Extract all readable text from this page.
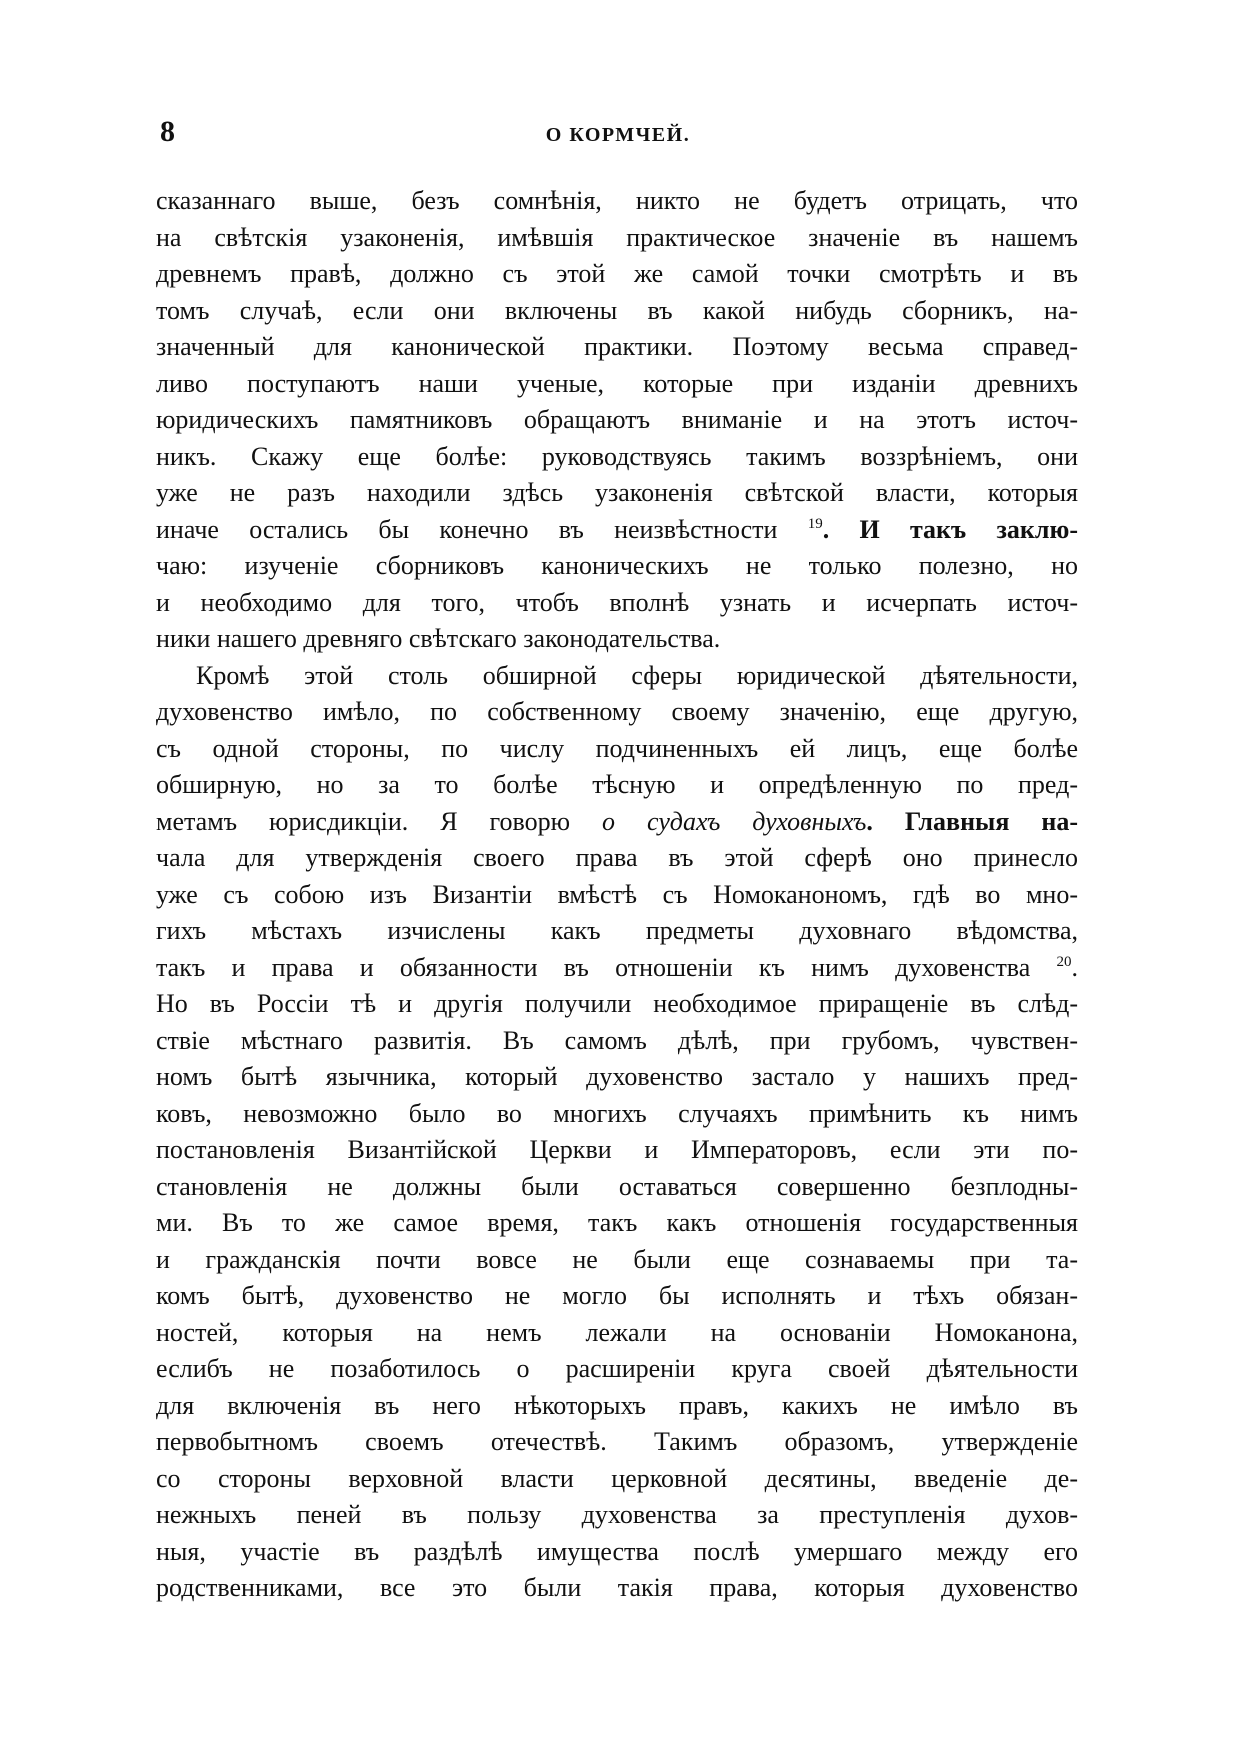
8	О КОРМЧЕЙ.
сказаннаго выше, безъ сомнѣнія, никто не будетъ отрицать, что
на свѣтскія узаконенія, имѣвшія практическое значеніе въ нашемъ
древнемъ правѣ, должно съ этой же самой точки смотрѣть и въ
томъ случаѣ, если они включены въ какой нибудь сборникъ, на-
значенный для канонической практики. Поэтому весьма справед-
ливо поступаютъ наши ученые, которые при изданіи древнихъ
юридическихъ памятниковъ обращаютъ вниманіе и на этотъ источ-
никъ. Скажу еще болѣе: руководствуясь такимъ воззрѣніемъ, они
уже не разъ находили здѣсь узаконенія свѣтской власти, которыя
иначе остались бы конечно въ неизвѣстности $^{19}$. И такъ заклю-
чаю: изученіе сборниковъ каноническихъ не только полезно, но
и необходимо для того, чтобъ вполнѣ узнать и исчерпать источ-
ники нашего древняго свѣтскаго законодательства.
Кромѣ этой столь обширной сферы юридической дѣятельности,
духовенство имѣло, по собственному своему значенію, еще другую,
съ одной стороны, по числу подчиненныхъ ей лицъ, еще болѣе
обширную, но за то болѣе тѣсную и опредѣленную по пред-
метамъ юрисдикціи. Я говорю о судахъ духовныхъ. Главныя на-
чала для утвержденія своего права въ этой сферѣ оно принесло
уже съ собою изъ Византіи вмѣстѣ съ Номоканономъ, гдѣ во мно-
гихъ мѣстахъ изчислены какъ предметы духовнаго вѣдомства,
такъ и права и обязанности въ отношеніи къ нимъ духовенства $^{20}$.
Но въ Россіи тѣ и другія получили необходимое приращеніе въ слѣд-
ствіе мѣстнаго развитія. Въ самомъ дѣлѣ, при грубомъ, чувствен-
номъ бытѣ язычника, который духовенство застало у нашихъ пред-
ковъ, невозможно было во многихъ случаяхъ примѣнить къ нимъ
постановленія Византійской Церкви и Императоровъ, если эти по-
становленія не должны были оставаться совершенно безплодны-
ми. Въ то же самое время, такъ какъ отношенія государственныя
и гражданскія почти вовсе не были еще сознаваемы при та-
комъ бытѣ, духовенство не могло бы исполнять и тѣхъ обязан-
ностей, которыя на немъ лежали на основаніи Номоканона,
еслибъ не позаботилось о расширеніи круга своей дѣятельности
для включенія въ него нѣкоторыхъ правъ, какихъ не имѣло въ
первобытномъ своемъ отечествѣ. Такимъ образомъ, утвержденіе
со стороны верховной власти церковной десятины, введеніе де-
нежныхъ пеней въ пользу духовенства за преступленія духов-
ныя, участіе въ раздѣлѣ имущества послѣ умершаго между его
родственниками, все это были такія права, которыя духовенство
